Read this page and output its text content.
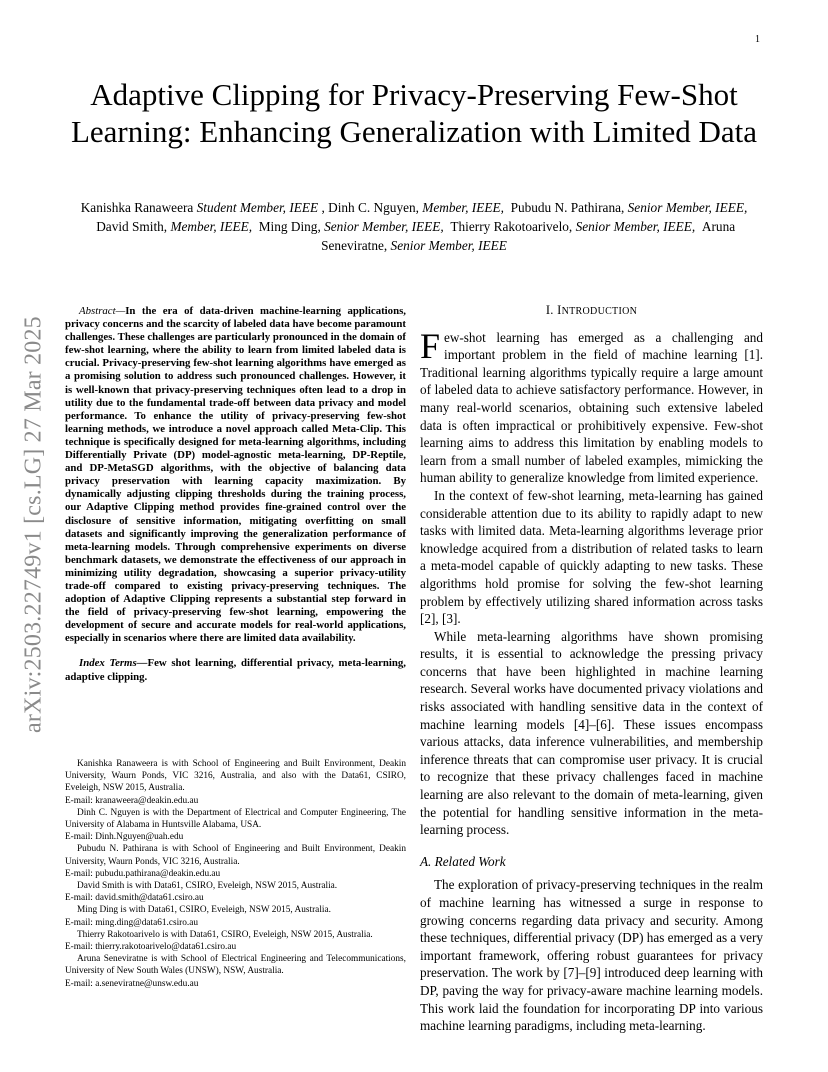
1
arXiv:2503.22749v1 [cs.LG] 27 Mar 2025
Adaptive Clipping for Privacy-Preserving Few-Shot Learning: Enhancing Generalization with Limited Data
Kanishka Ranaweera Student Member, IEEE , Dinh C. Nguyen, Member, IEEE, Pubudu N. Pathirana, Senior Member, IEEE,  David Smith, Member, IEEE, Ming Ding, Senior Member, IEEE, Thierry Rakotoarivelo, Senior Member, IEEE, Aruna Seneviratne, Senior Member, IEEE

Abstract—In the era of data-driven machine-learning applications, privacy concerns and the scarcity of labeled data have become paramount challenges. These challenges are particularly pronounced in the domain of few-shot learning, where the ability to learn from limited labeled data is crucial. Privacy-preserving few-shot learning algorithms have emerged as a promising solution to address such pronounced challenges. However, it is well-known that privacy-preserving techniques often lead to a drop in utility due to the fundamental trade-off between data privacy and model performance. To enhance the utility of privacy-preserving few-shot learning methods, we introduce a novel approach called Meta-Clip. This technique is specifically designed for meta-learning algorithms, including Differentially Private (DP) model-agnostic meta-learning, DP-Reptile, and DP-MetaSGD algorithms, with the objective of balancing data privacy preservation with learning capacity maximization. By dynamically adjusting clipping thresholds during the training process, our Adaptive Clipping method provides fine-grained control over the disclosure of sensitive information, mitigating overfitting on small datasets and significantly improving the generalization performance of meta-learning models. Through comprehensive experiments on diverse benchmark datasets, we demonstrate the effectiveness of our approach in minimizing utility degradation, showcasing a superior privacy-utility trade-off compared to existing privacy-preserving techniques. The adoption of Adaptive Clipping represents a substantial step forward in the field of privacy-preserving few-shot learning, empowering the development of secure and accurate models for real-world applications, especially in scenarios where there are limited data availability.

Index Terms—Few shot learning, differential privacy, meta-learning, adaptive clipping.

Kanishka Ranaweera is with School of Engineering and Built Environment, Deakin University, Waurn Ponds, VIC 3216, Australia, and also with the Data61, CSIRO, Eveleigh, NSW 2015, Australia.

E-mail: kranaweera@deakin.edu.au

Dinh C. Nguyen is with the Department of Electrical and Computer Engineering, The University of Alabama in Huntsville Alabama, USA.

E-mail: Dinh.Nguyen@uah.edu

Pubudu N. Pathirana is with School of Engineering and Built Environment, Deakin University, Waurn Ponds, VIC 3216, Australia.

E-mail: pubudu.pathirana@deakin.edu.au

David Smith is with Data61, CSIRO, Eveleigh, NSW 2015, Australia.

E-mail: david.smith@data61.csiro.au

Ming Ding is with Data61, CSIRO, Eveleigh, NSW 2015, Australia.

E-mail: ming.ding@data61.csiro.au

Thierry Rakotoarivelo is with Data61, CSIRO, Eveleigh, NSW 2015, Australia.

E-mail: thierry.rakotoarivelo@data61.csiro.au

Aruna Seneviratne is with School of Electrical Engineering and Telecommunications, University of New South Wales (UNSW), NSW, Australia.

E-mail: a.seneviratne@unsw.edu.au

I. INTRODUCTION

Few-shot learning has emerged as a challenging and important problem in the field of machine learning [1]. Traditional learning algorithms typically require a large amount of labeled data to achieve satisfactory performance. However, in many real-world scenarios, obtaining such extensive labeled data is often impractical or prohibitively expensive. Few-shot learning aims to address this limitation by enabling models to learn from a small number of labeled examples, mimicking the human ability to generalize knowledge from limited experience.

In the context of few-shot learning, meta-learning has gained considerable attention due to its ability to rapidly adapt to new tasks with limited data. Meta-learning algorithms leverage prior knowledge acquired from a distribution of related tasks to learn a meta-model capable of quickly adapting to new tasks. These algorithms hold promise for solving the few-shot learning problem by effectively utilizing shared information across tasks [2], [3].

While meta-learning algorithms have shown promising results, it is essential to acknowledge the pressing privacy concerns that have been highlighted in machine learning research. Several works have documented privacy violations and risks associated with handling sensitive data in the context of machine learning models [4]–[6]. These issues encompass various attacks, data inference vulnerabilities, and membership inference threats that can compromise user privacy. It is crucial to recognize that these privacy challenges faced in machine learning are also relevant to the domain of meta-learning, given the potential for handling sensitive information in the meta-learning process.

A. Related Work

The exploration of privacy-preserving techniques in the realm of machine learning has witnessed a surge in response to growing concerns regarding data privacy and security. Among these techniques, differential privacy (DP) has emerged as a very important framework, offering robust guarantees for privacy preservation. The work by [7]–[9] introduced deep learning with DP, paving the way for privacy-aware machine learning models. This work laid the foundation for incorporating DP into various machine learning paradigms, including meta-learning.
